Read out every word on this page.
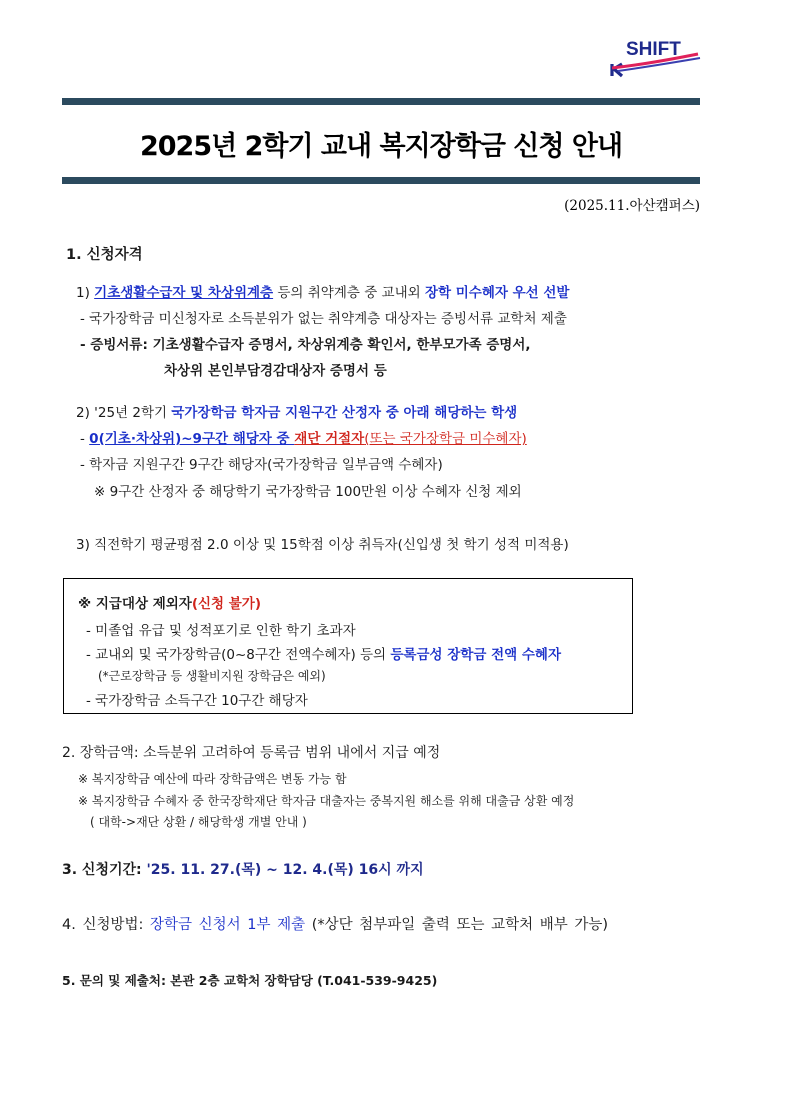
SHIFT
2025년 2학기 교내 복지장학금 신청 안내
(2025.11.아산캠퍼스)
1. 신청자격
1) 기초생활수급자 및 차상위계층 등의 취약계층 중 교내외 장학 미수혜자 우선 선발
- 국가장학금 미신청자로 소득분위가 없는 취약계층 대상자는 증빙서류 교학처 제출
- 증빙서류: 기초생활수급자 증명서, 차상위계층 확인서, 한부모가족 증명서,
차상위 본인부담경감대상자 증명서 등
2) '25년 2학기 국가장학금 학자금 지원구간 산정자 중 아래 해당하는 학생
- 0(기초·차상위)~9구간 해당자 중 재단 거절자(또는 국가장학금 미수혜자)
- 학자금 지원구간 9구간 해당자(국가장학금 일부금액 수혜자)
※ 9구간 산정자 중 해당학기 국가장학금 100만원 이상 수혜자 신청 제외
3) 직전학기 평균평점 2.0 이상 및 15학점 이상 취득자(신입생 첫 학기 성적 미적용)
※ 지급대상 제외자(신청 불가)
- 미졸업 유급 및 성적포기로 인한 학기 초과자
- 교내외 및 국가장학금(0~8구간 전액수혜자) 등의 등록금성 장학금 전액 수혜자
(*근로장학금 등 생활비지원 장학금은 예외)
- 국가장학금 소득구간 10구간 해당자
2. 장학금액: 소득분위 고려하여 등록금 범위 내에서 지급 예정
※ 복지장학금 예산에 따라 장학금액은 변동 가능 함
※ 복지장학금 수혜자 중 한국장학재단 학자금 대출자는 중복지원 해소를 위해 대출금 상환 예정
( 대학->재단 상환 / 해당학생 개별 안내 )
3. 신청기간: '25. 11. 27.(목) ~ 12. 4.(목) 16시 까지
4. 신청방법: 장학금 신청서 1부 제출 (*상단 첨부파일 출력 또는 교학처 배부 가능)
5. 문의 및 제출처: 본관 2층 교학처 장학담당 (T.041-539-9425)
